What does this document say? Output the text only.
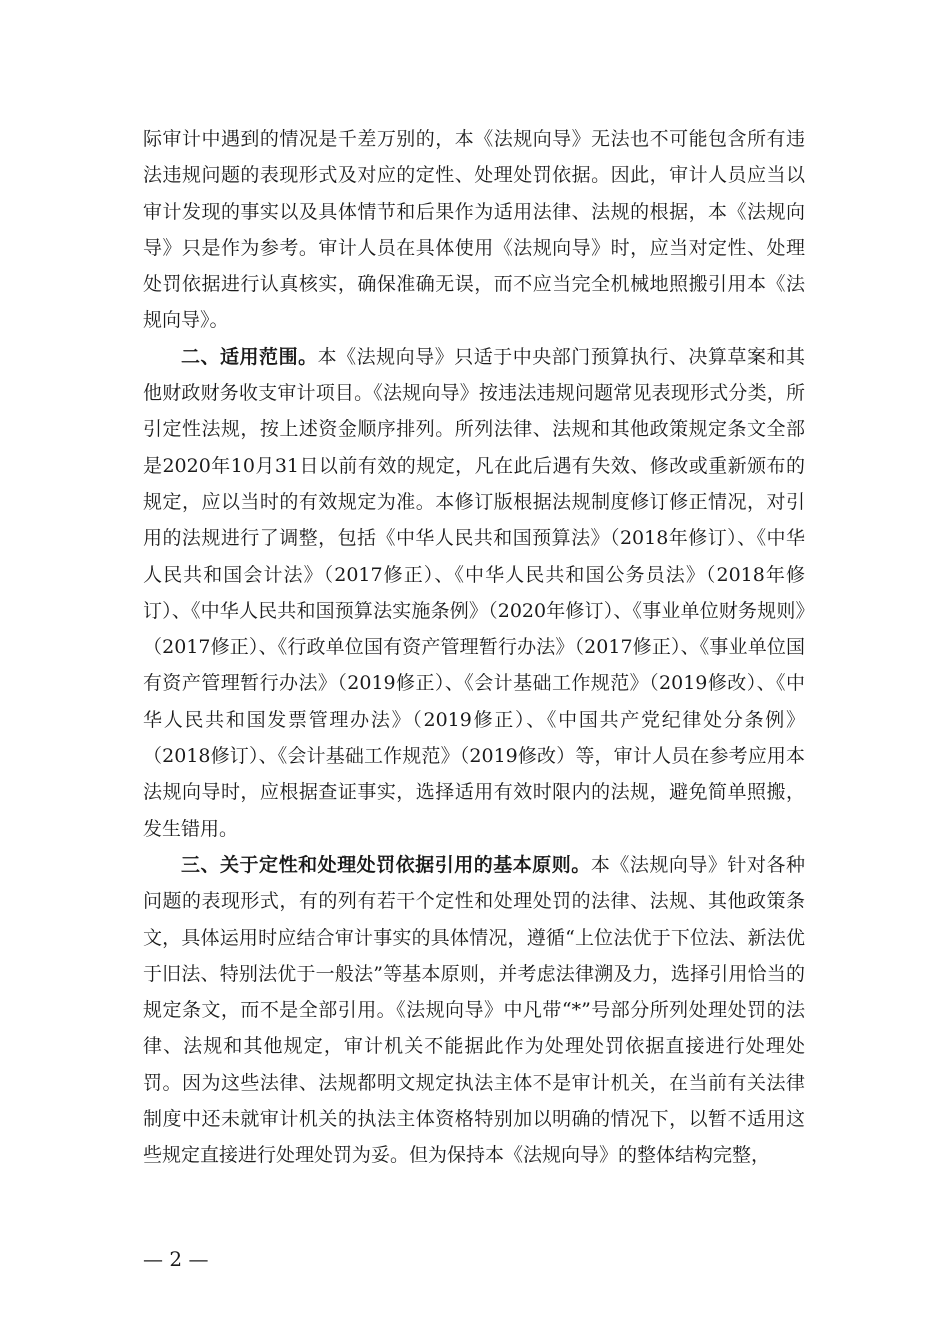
际审计中遇到的情况是千差万别的，本《法规向导》无法也不可能包含所有违法违规问题的表现形式及对应的定性、处理处罚依据。因此，审计人员应当以审计发现的事实以及具体情节和后果作为适用法律、法规的根据，本《法规向导》只是作为参考。审计人员在具体使用《法规向导》时，应当对定性、处理处罚依据进行认真核实，确保准确无误，而不应当完全机械地照搬引用本《法规向导》。

二、适用范围。本《法规向导》只适于中央部门预算执行、决算草案和其他财政财务收支审计项目。《法规向导》按违法违规问题常见表现形式分类，所引定性法规，按上述资金顺序排列。所列法律、法规和其他政策规定条文全部是2020年10月31日以前有效的规定，凡在此后遇有失效、修改或重新颁布的规定，应以当时的有效规定为准。本修订版根据法规制度修订修正情况，对引用的法规进行了调整，包括《中华人民共和国预算法》（2018年修订）、《中华人民共和国会计法》（2017修正）、《中华人民共和国公务员法》（2018年修订）、《中华人民共和国预算法实施条例》（2020年修订）、《事业单位财务规则》（2017修正）、《行政单位国有资产管理暂行办法》（2017修正）、《事业单位国有资产管理暂行办法》（2019修正）、《会计基础工作规范》（2019修改）、《中华人民共和国发票管理办法》（2019修正）、《中国共产党纪律处分条例》（2018修订）、《会计基础工作规范》（2019修改）等，审计人员在参考应用本法规向导时，应根据查证事实，选择适用有效时限内的法规，避免简单照搬，发生错用。

三、关于定性和处理处罚依据引用的基本原则。本《法规向导》针对各种问题的表现形式，有的列有若干个定性和处理处罚的法律、法规、其他政策条文，具体运用时应结合审计事实的具体情况，遵循“上位法优于下位法、新法优于旧法、特别法优于一般法”等基本原则，并考虑法律溯及力，选择引用恰当的规定条文，而不是全部引用。《法规向导》中凡带“*”号部分所列处理处罚的法律、法规和其他规定，审计机关不能据此作为处理处罚依据直接进行处理处罚。因为这些法律、法规都明文规定执法主体不是审计机关，在当前有关法律制度中还未就审计机关的执法主体资格特别加以明确的情况下，以暂不适用这些规定直接进行处理处罚为妥。但为保持本《法规向导》的整体结构完整，

— 2 —
